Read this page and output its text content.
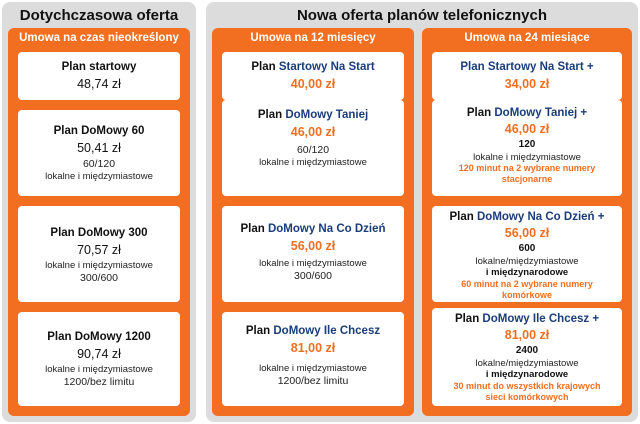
Dotychczasowa oferta
Umowa na czas nieokreślony
Plan startowy
48,74 zł
Plan DoMowy 60
50,41 zł
60/120
lokalne i międzymiastowe
Plan DoMowy 300
70,57 zł
lokalne i międzymiastowe
300/600
Plan DoMowy 1200
90,74 zł
lokalne i międzymiastowe
1200/bez limitu
Nowa oferta planów telefonicznych
Umowa na 12 miesięcy
Plan Startowy Na Start
40,00 zł
Plan DoMowy Taniej
46,00 zł
60/120
lokalne i międzymiastowe
Plan DoMowy Na Co Dzień
56,00 zł
lokalne i międzymiastowe
300/600
Plan DoMowy Ile Chcesz
81,00 zł
lokalne i międzymiastowe
1200/bez limitu
Umowa na 24 miesiące
Plan Startowy Na Start +
34,00 zł
Plan DoMowy Taniej +
46,00 zł
120
lokalne i międzymiastowe
120 minut na 2 wybrane numery stacjonarne
Plan DoMowy Na Co Dzień +
56,00 zł
600
lokalne/międzymiastowe
i międzynarodowe
60 minut na 2 wybrane numery komórkowe
Plan DoMowy Ile Chcesz +
81,00 zł
2400
lokalne/międzymiastowe
i międzynarodowe
30 minut do wszystkich krajowych sieci komórkowych
